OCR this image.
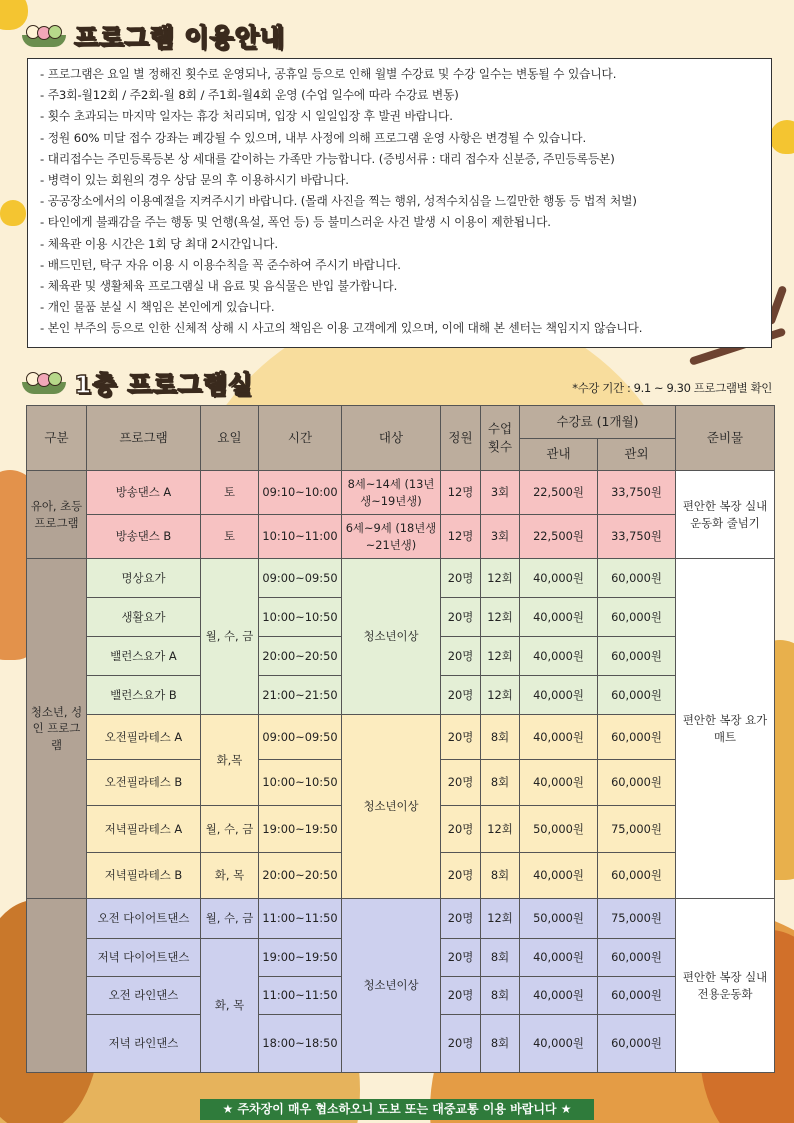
프로그램 이용안내
- 프로그램은 요일 별 정해진 횟수로 운영되나, 공휴일 등으로 인해 월별 수강료 및 수강 일수는 변동될 수 있습니다.
- 주3회-월12회 / 주2회-월 8회 / 주1회-월4회 운영 (수업 일수에 따라 수강료 변동)
- 횟수 초과되는 마지막 일자는 휴강 처리되며, 입장 시 일일입장 후 발권 바랍니다.
- 정원 60% 미달 접수 강좌는 폐강될 수 있으며, 내부 사정에 의해 프로그램 운영 사항은 변경될 수 있습니다.
- 대리접수는 주민등록등본 상 세대를 같이하는 가족만 가능합니다. (증빙서류 : 대리 접수자 신분증, 주민등록등본)
- 병력이 있는 회원의 경우 상담 문의 후 이용하시기 바랍니다.
- 공공장소에서의 이용예절을 지켜주시기 바랍니다. (몰래 사진을 찍는 행위, 성적수치심을 느낄만한 행동 등 법적 처벌)
- 타인에게 불쾌감을 주는 행동 및 언행(욕설, 폭언 등) 등 불미스러운 사건 발생 시 이용이 제한됩니다.
- 체육관 이용 시간은 1회 당 최대 2시간입니다.
- 배드민턴, 탁구 자유 이용 시 이용수칙을 꼭 준수하여 주시기 바랍니다.
- 체육관 및 생활체육 프로그램실 내 음료 및 음식물은 반입 불가합니다.
- 개인 물품 분실 시 책임은 본인에게 있습니다.
- 본인 부주의 등으로 인한 신체적 상해 시 사고의 책임은 이용 고객에게 있으며, 이에 대해 본 센터는 책임지지 않습니다.
1층 프로그램실	*수강 기간 : 9.1 ~ 9.30 프로그램별 확인
구분	프로그램	요일	시간	대상	정원	수업 횟수	수강료 (1개월)		준비물
							관내	관외	
유아, 초등 프로그램	방송댄스 A	토	09:10~10:00	8세~14세 (13년생~19년생)	12명	3회	22,500원	33,750원	편안한 복장 실내운동화 줄넘기
	방송댄스 B	토	10:10~11:00	6세~9세 (18년생~21년생)	12명	3회	22,500원	33,750원	
청소년, 성인 프로그램	명상요가	월, 수, 금	09:00~09:50	청소년이상	20명	12회	40,000원	60,000원	편안한 복장 요가매트
	생활요가		10:00~10:50		20명	12회	40,000원	60,000원	
	밸런스요가 A		20:00~20:50		20명	12회	40,000원	60,000원	
	밸런스요가 B		21:00~21:50		20명	12회	40,000원	60,000원	
	오전필라테스 A	화,목	09:00~09:50	청소년이상	20명	8회	40,000원	60,000원	
	오전필라테스 B		10:00~10:50		20명	8회	40,000원	60,000원	
	저녁필라테스 A	월, 수, 금	19:00~19:50		20명	12회	50,000원	75,000원	
	저녁필라테스 B	화, 목	20:00~20:50		20명	8회	40,000원	60,000원	
	오전 다이어트댄스	월, 수, 금	11:00~11:50	청소년이상	20명	12회	50,000원	75,000원	편안한 복장 실내전용운동화
	저녁 다이어트댄스	화, 목	19:00~19:50		20명	8회	40,000원	60,000원	
	오전 라인댄스		11:00~11:50		20명	8회	40,000원	60,000원	
	저녁 라인댄스		18:00~18:50		20명	8회	40,000원	60,000원	
★ 주차장이 매우 협소하오니 도보 또는 대중교통 이용 바랍니다 ★
